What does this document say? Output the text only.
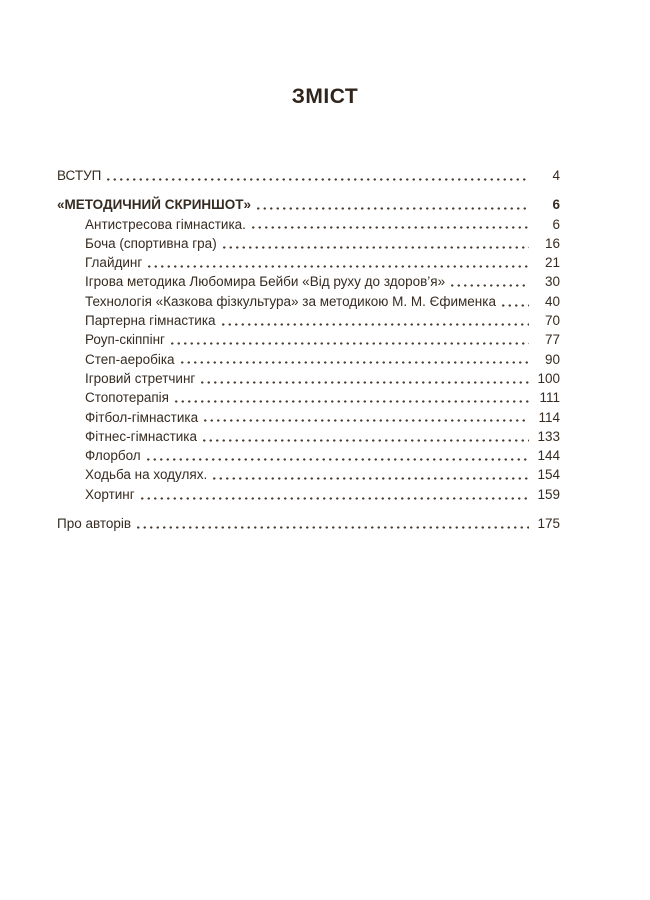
ЗМІСТ
ВСТУП	4
«МЕТОДИЧНИЙ СКРИНШОТ»	6
Антистресова гімнастика.	6
Боча (спортивна гра)	16
Глайдинг	21
Ігрова методика Любомира Бейби «Від руху до здоров’я»	30
Технологія «Казкова фізкультура» за методикою М. М. Єфименка	40
Партерна гімнастика	70
Роуп-скіппінг	77
Степ-аеробіка	90
Ігровий стретчинг	100
Стопотерапія	111
Фітбол-гімнастика	114
Фітнес-гімнастика	133
Флорбол	144
Ходьба на ходулях.	154
Хортинг	159
Про авторів	175
